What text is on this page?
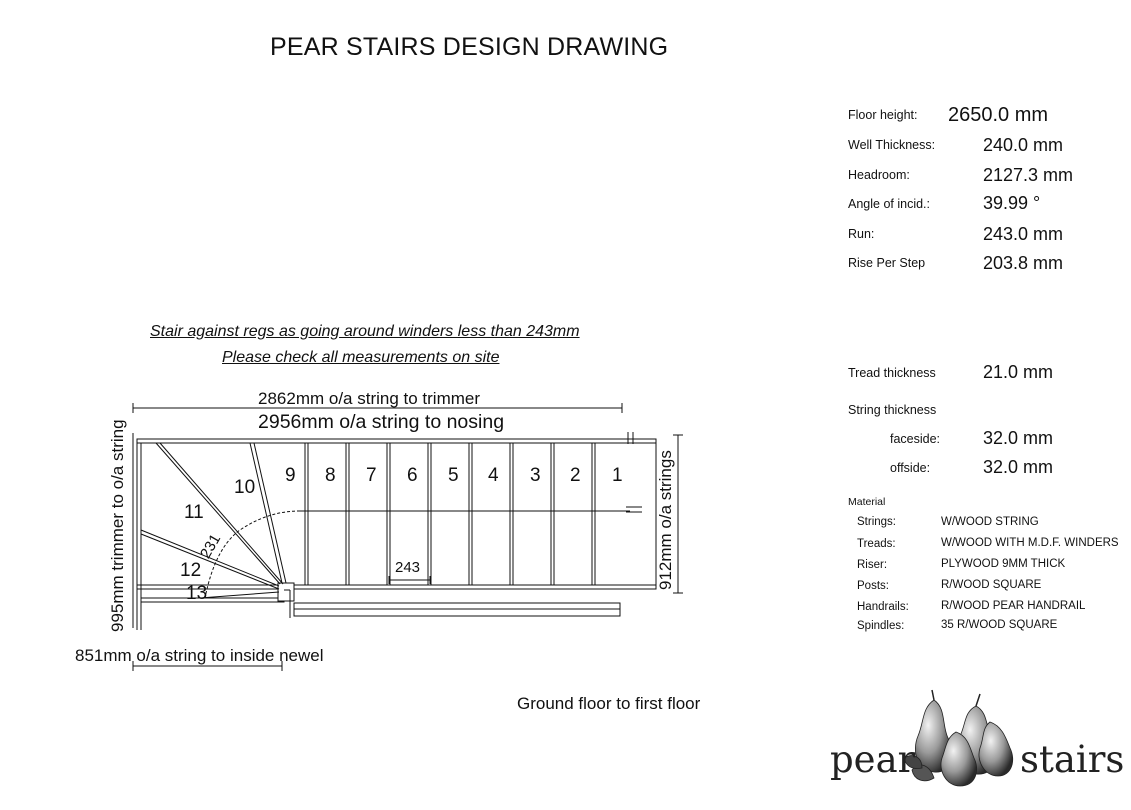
PEAR STAIRS DESIGN DRAWING
Floor height: 2650.0 mm
Well Thickness:	240.0 mm
Headroom:	2127.3 mm
Angle of incid.:	39.99 °
Run:	243.0 mm
Rise Per Step	203.8 mm
Tread thickness	21.0 mm
String thickness
faceside: 32.0 mm
offside:	32.0 mm
Material
Strings:	W/WOOD STRING
Treads:	W/WOOD WITH M.D.F. WINDERS
Riser:	PLYWOOD 9MM THICK
Posts:	R/WOOD SQUARE
Handrails:	R/WOOD PEAR HANDRAIL
Spindles:	35 R/WOOD SQUARE
Stair against regs as going around winders less than 243mm
Please check all measurements on site
2862mm o/a string to trimmer
2956mm o/a string to nosing
995mm trimmer to o/a string	912mm o/a strings
851mm o/a string to inside newel
243
231
1
2
3
4
5
6
7
8
9
10
11
12
13
Ground floor to first floor
pear	stairs
